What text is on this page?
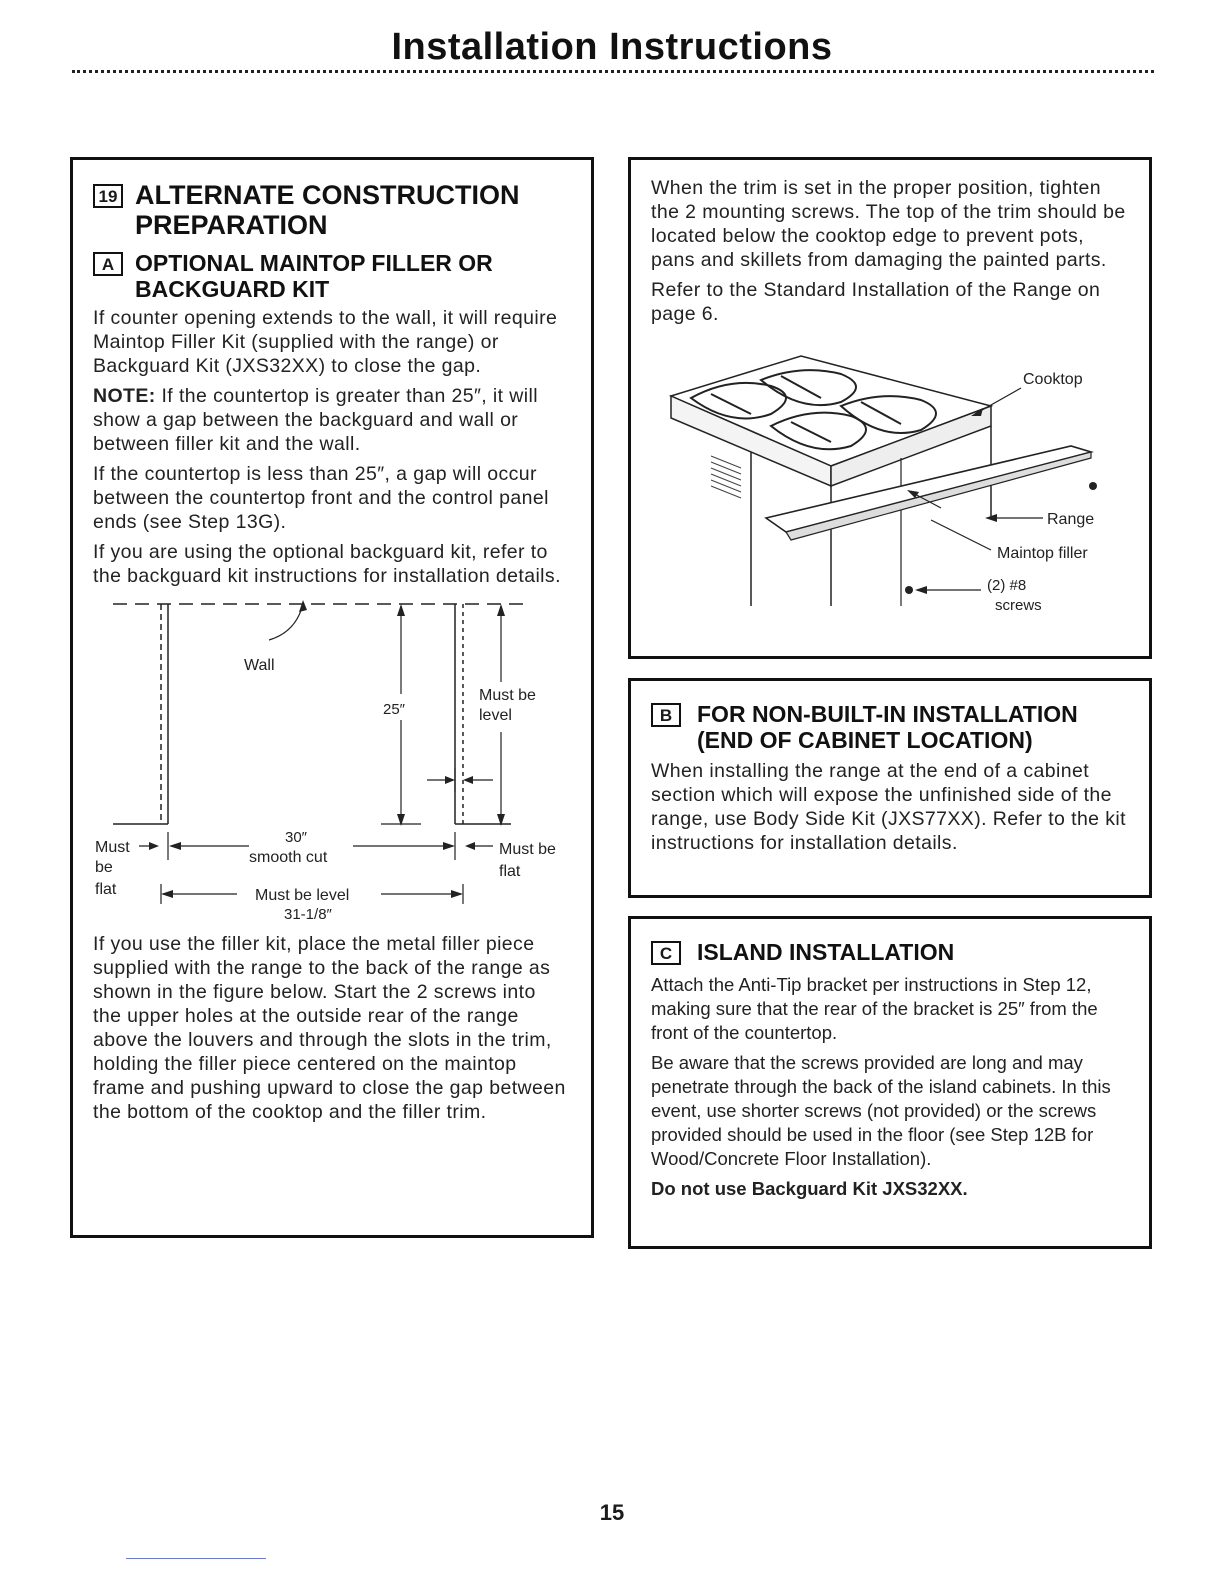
Installation Instructions
19 ALTERNATE CONSTRUCTION
PREPARATION
A OPTIONAL MAINTOP FILLER OR
BACKGUARD KIT

If counter opening extends to the wall, it will require Maintop Filler Kit (supplied with the range) or Backguard Kit (JXS32XX) to close the gap.

NOTE: If the countertop is greater than 25″, it will show a gap between the backguard and wall or between filler kit and the wall.

If the countertop is less than 25″, a gap will occur between the countertop front and the control panel ends (see Step 13G).

If you are using the optional backguard kit, refer to the backguard kit instructions for installation details.

Wall
25″
Must be
level
30″
smooth cut
Must
be
flat
Must be
flat
Must be level
31-1/8″

If you use the filler kit, place the metal filler piece supplied with the range to the back of the range as shown in the figure below. Start the 2 screws into the upper holes at the outside rear of the range above the louvers and through the slots in the trim, holding the filler piece centered on the maintop frame and pushing upward to close the gap between the bottom of the cooktop and the filler trim.

When the trim is set in the proper position, tighten the 2 mounting screws. The top of the trim should be located below the cooktop edge to prevent pots, pans and skillets from damaging the painted parts.

Refer to the Standard Installation of the Range on page 6.

Cooktop
Range
Maintop filler
(2) #8
screws
B	FOR NON-BUILT-IN INSTALLATION
(END OF CABINET LOCATION)

When installing the range at the end of a cabinet section which will expose the unfinished side of the range, use Body Side Kit (JXS77XX). Refer to the kit instructions for installation details.

C	ISLAND INSTALLATION

Attach the Anti-Tip bracket per instructions in Step 12, making sure that the rear of the bracket is 25″ from the front of the countertop.

Be aware that the screws provided are long and may penetrate through the back of the island cabinets. In this event, use shorter screws (not provided) or the screws provided should be used in the floor (see Step 12B for Wood/Concrete Floor Installation).

Do not use Backguard Kit JXS32XX.

15
